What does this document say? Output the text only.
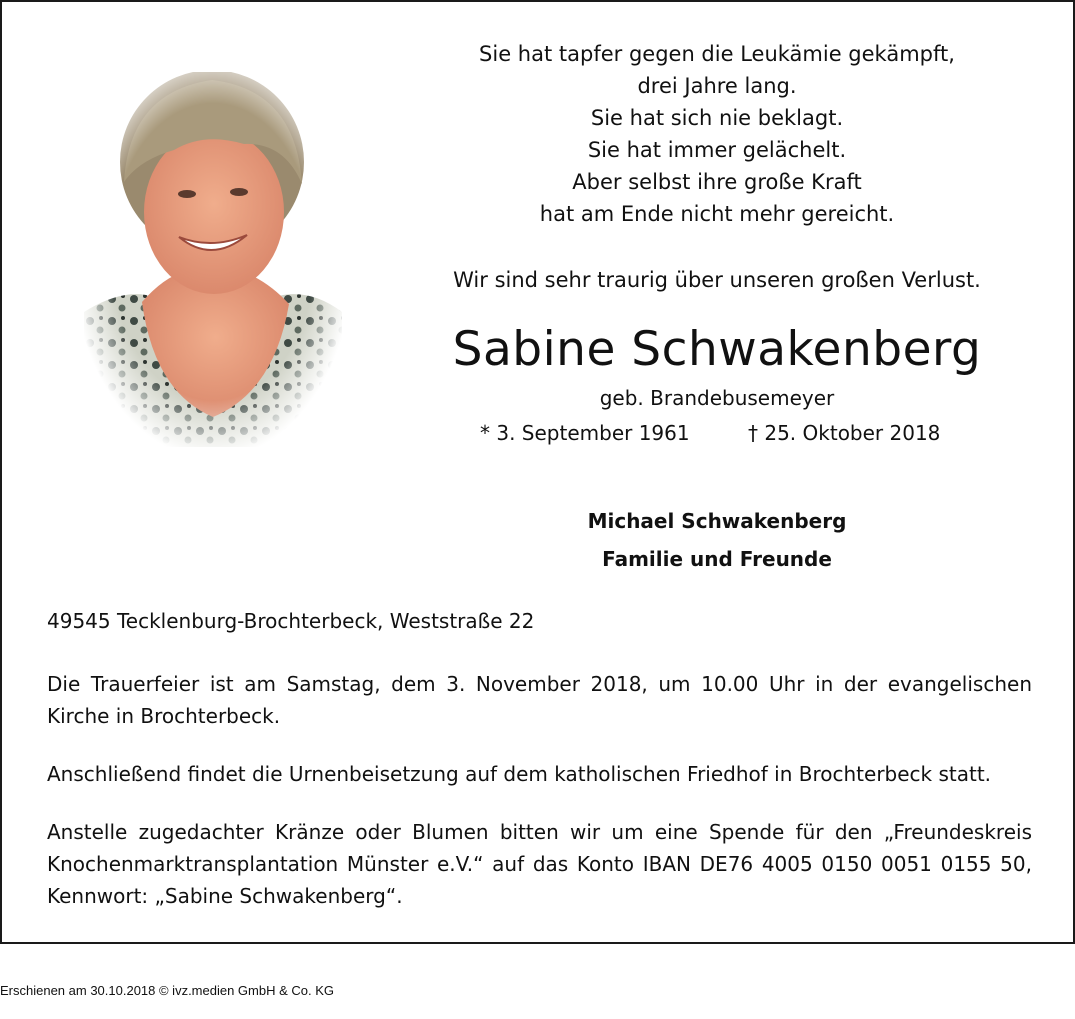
Sie hat tapfer gegen die Leukämie gekämpft,
drei Jahre lang.
Sie hat sich nie beklagt.
Sie hat immer gelächelt.
Aber selbst ihre große Kraft
hat am Ende nicht mehr gereicht.
Wir sind sehr traurig über unseren großen Verlust.
Sabine Schwakenberg
geb. Brandebusemeyer
* 3. September 1961	† 25. Oktober 2018
Michael Schwakenberg
Familie und Freunde
49545 Tecklenburg-Brochterbeck, Weststraße 22
Die Trauerfeier ist am Samstag, dem 3. November 2018, um 10.00 Uhr in der evangelischen Kirche in Brochterbeck.
Anschließend findet die Urnenbeisetzung auf dem katholischen Friedhof in Brochterbeck statt.
Anstelle zugedachter Kränze oder Blumen bitten wir um eine Spende für den „Freundeskreis Knochenmarktransplantation Münster e.V.“ auf das Konto IBAN DE76 4005 0150 0051 0155 50, Kennwort: „Sabine Schwakenberg“.
Erschienen am 30.10.2018 © ivz.medien GmbH & Co. KG
